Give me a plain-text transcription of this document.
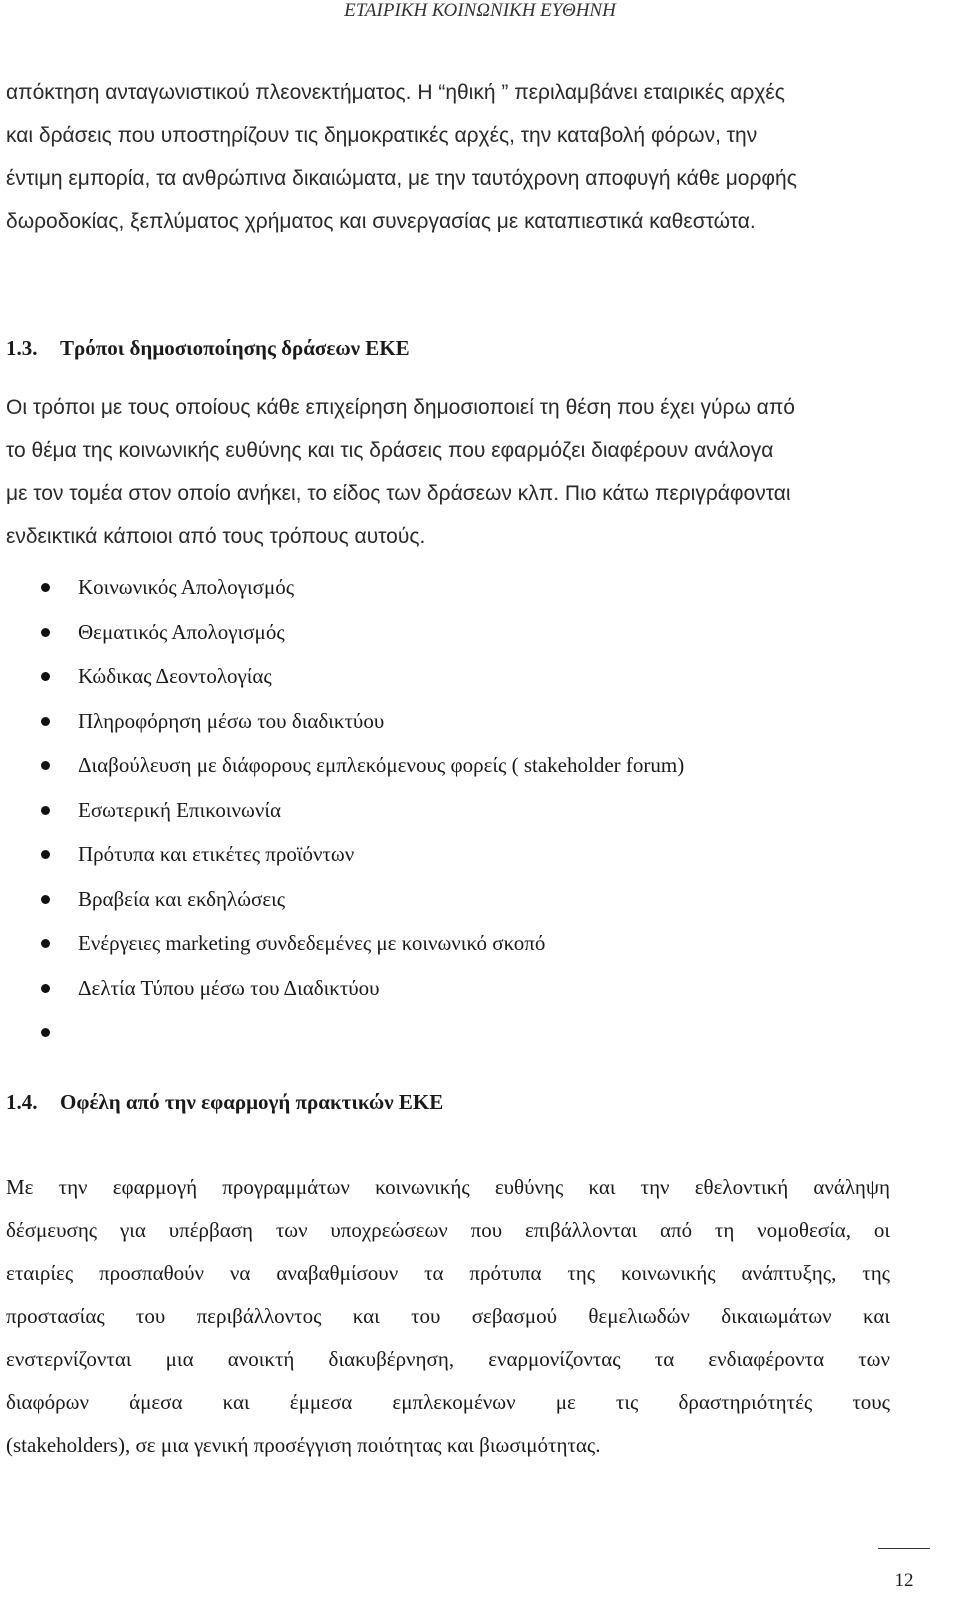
ΕΤΑΙΡΙΚΗ ΚΟΙΝΩΝΙΚΗ ΕΥΘΗΝΗ

απόκτηση ανταγωνιστικού πλεονεκτήματος. Η “ηθική ” περιλαμβάνει εταιρικές αρχές
και δράσεις που υποστηρίζουν τις δημοκρατικές αρχές, την καταβολή φόρων, την
έντιμη εμπορία, τα ανθρώπινα δικαιώματα, με την ταυτόχρονη αποφυγή κάθε μορφής
δωροδοκίας, ξεπλύματος χρήματος και συνεργασίας με καταπιεστικά καθεστώτα.

1.3. Τρόποι δημοσιοποίησης δράσεων ΕΚΕ

Οι τρόποι με τους οποίους κάθε επιχείρηση δημοσιοποιεί τη θέση που έχει γύρω από
το θέμα της κοινωνικής ευθύνης και τις δράσεις που εφαρμόζει διαφέρουν ανάλογα
με τον τομέα στον οποίο ανήκει, το είδος των δράσεων κλπ. Πιο κάτω περιγράφονται
ενδεικτικά κάποιοι από τους τρόπους αυτούς.

Κοινωνικός Απολογισμός
Θεματικός Απολογισμός
Κώδικας Δεοντολογίας
Πληροφόρηση μέσω του διαδικτύου
Διαβούλευση με διάφορους εμπλεκόμενους φορείς ( stakeholder forum)
Εσωτερική Επικοινωνία
Πρότυπα και ετικέτες προϊόντων
Βραβεία και εκδηλώσεις
Ενέργειες marketing συνδεδεμένες με κοινωνικό σκοπό
Δελτία Τύπου μέσω του Διαδικτύου
1.4. Οφέλη από την εφαρμογή πρακτικών ΕΚΕ

Με την εφαρμογή προγραμμάτων κοινωνικής ευθύνης και την εθελοντική ανάληψη
δέσμευσης για υπέρβαση των υποχρεώσεων που επιβάλλονται από τη νομοθεσία, οι
εταιρίες προσπαθούν να αναβαθμίσουν τα πρότυπα της κοινωνικής ανάπτυξης, της
προστασίας του περιβάλλοντος και του σεβασμού θεμελιωδών δικαιωμάτων και
ενστερνίζονται μια ανοικτή διακυβέρνηση, εναρμονίζοντας τα ενδιαφέροντα των
διαφόρων άμεσα και έμμεσα εμπλεκομένων με τις δραστηριότητές τους
(stakeholders), σε μια γενική προσέγγιση ποιότητας και βιωσιμότητας.

12
